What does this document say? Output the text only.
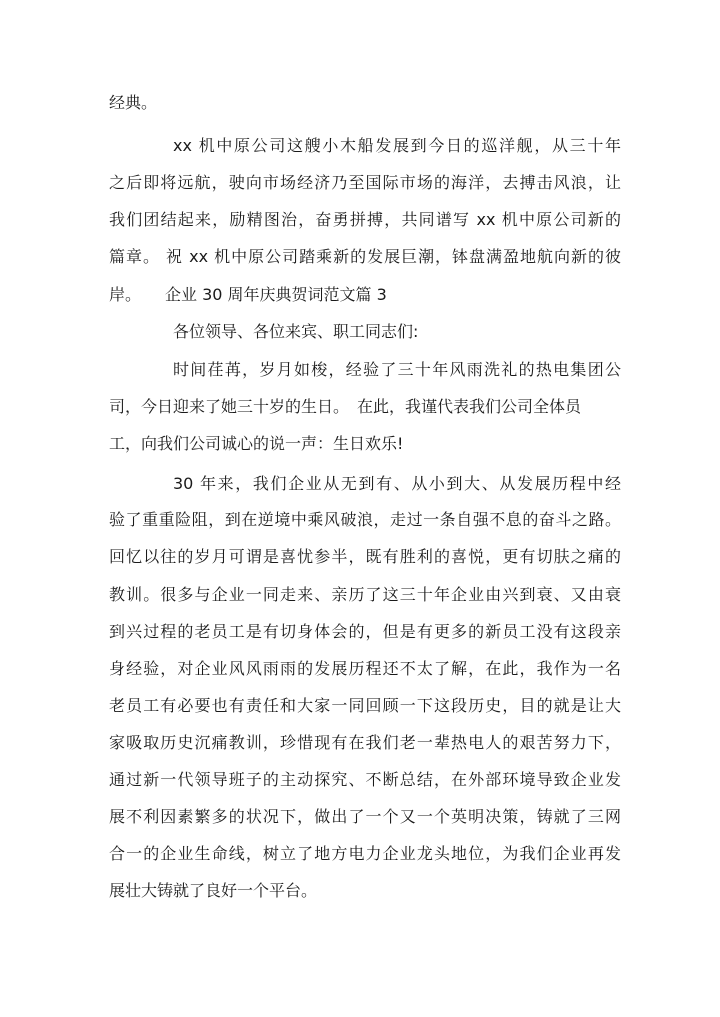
经典。
xx 机中原公司这艘小木船发展到今日的巡洋舰，从三十年
之后即将远航，驶向市场经济乃至国际市场的海洋，去搏击风浪，让
我们团结起来，励精图治，奋勇拼搏，共同谱写 xx 机中原公司新的
篇章。 祝 xx 机中原公司踏乘新的发展巨潮，钵盘满盈地航向新的彼
岸。　　企业 30 周年庆典贺词范文篇 3
各位领导、各位来宾、职工同志们:
时间荏苒，岁月如梭，经验了三十年风雨洗礼的热电集团公
司，今日迎来了她三十岁的生日。　在此，我谨代表我们公司全体员
工，向我们公司诚心的说一声：生日欢乐!
30 年来，我们企业从无到有、从小到大、从发展历程中经
验了重重险阻，到在逆境中乘风破浪，走过一条自强不息的奋斗之路。
回忆以往的岁月可谓是喜忧参半，既有胜利的喜悦，更有切肤之痛的
教训。很多与企业一同走来、亲历了这三十年企业由兴到衰、又由衰
到兴过程的老员工是有切身体会的，但是有更多的新员工没有这段亲
身经验，对企业风风雨雨的发展历程还不太了解，在此，我作为一名
老员工有必要也有责任和大家一同回顾一下这段历史，目的就是让大
家吸取历史沉痛教训，珍惜现有在我们老一辈热电人的艰苦努力下，
通过新一代领导班子的主动探究、不断总结，在外部环境导致企业发
展不利因素繁多的状况下，做出了一个又一个英明决策，铸就了三网
合一的企业生命线，树立了地方电力企业龙头地位，为我们企业再发
展壮大铸就了良好一个平台。
